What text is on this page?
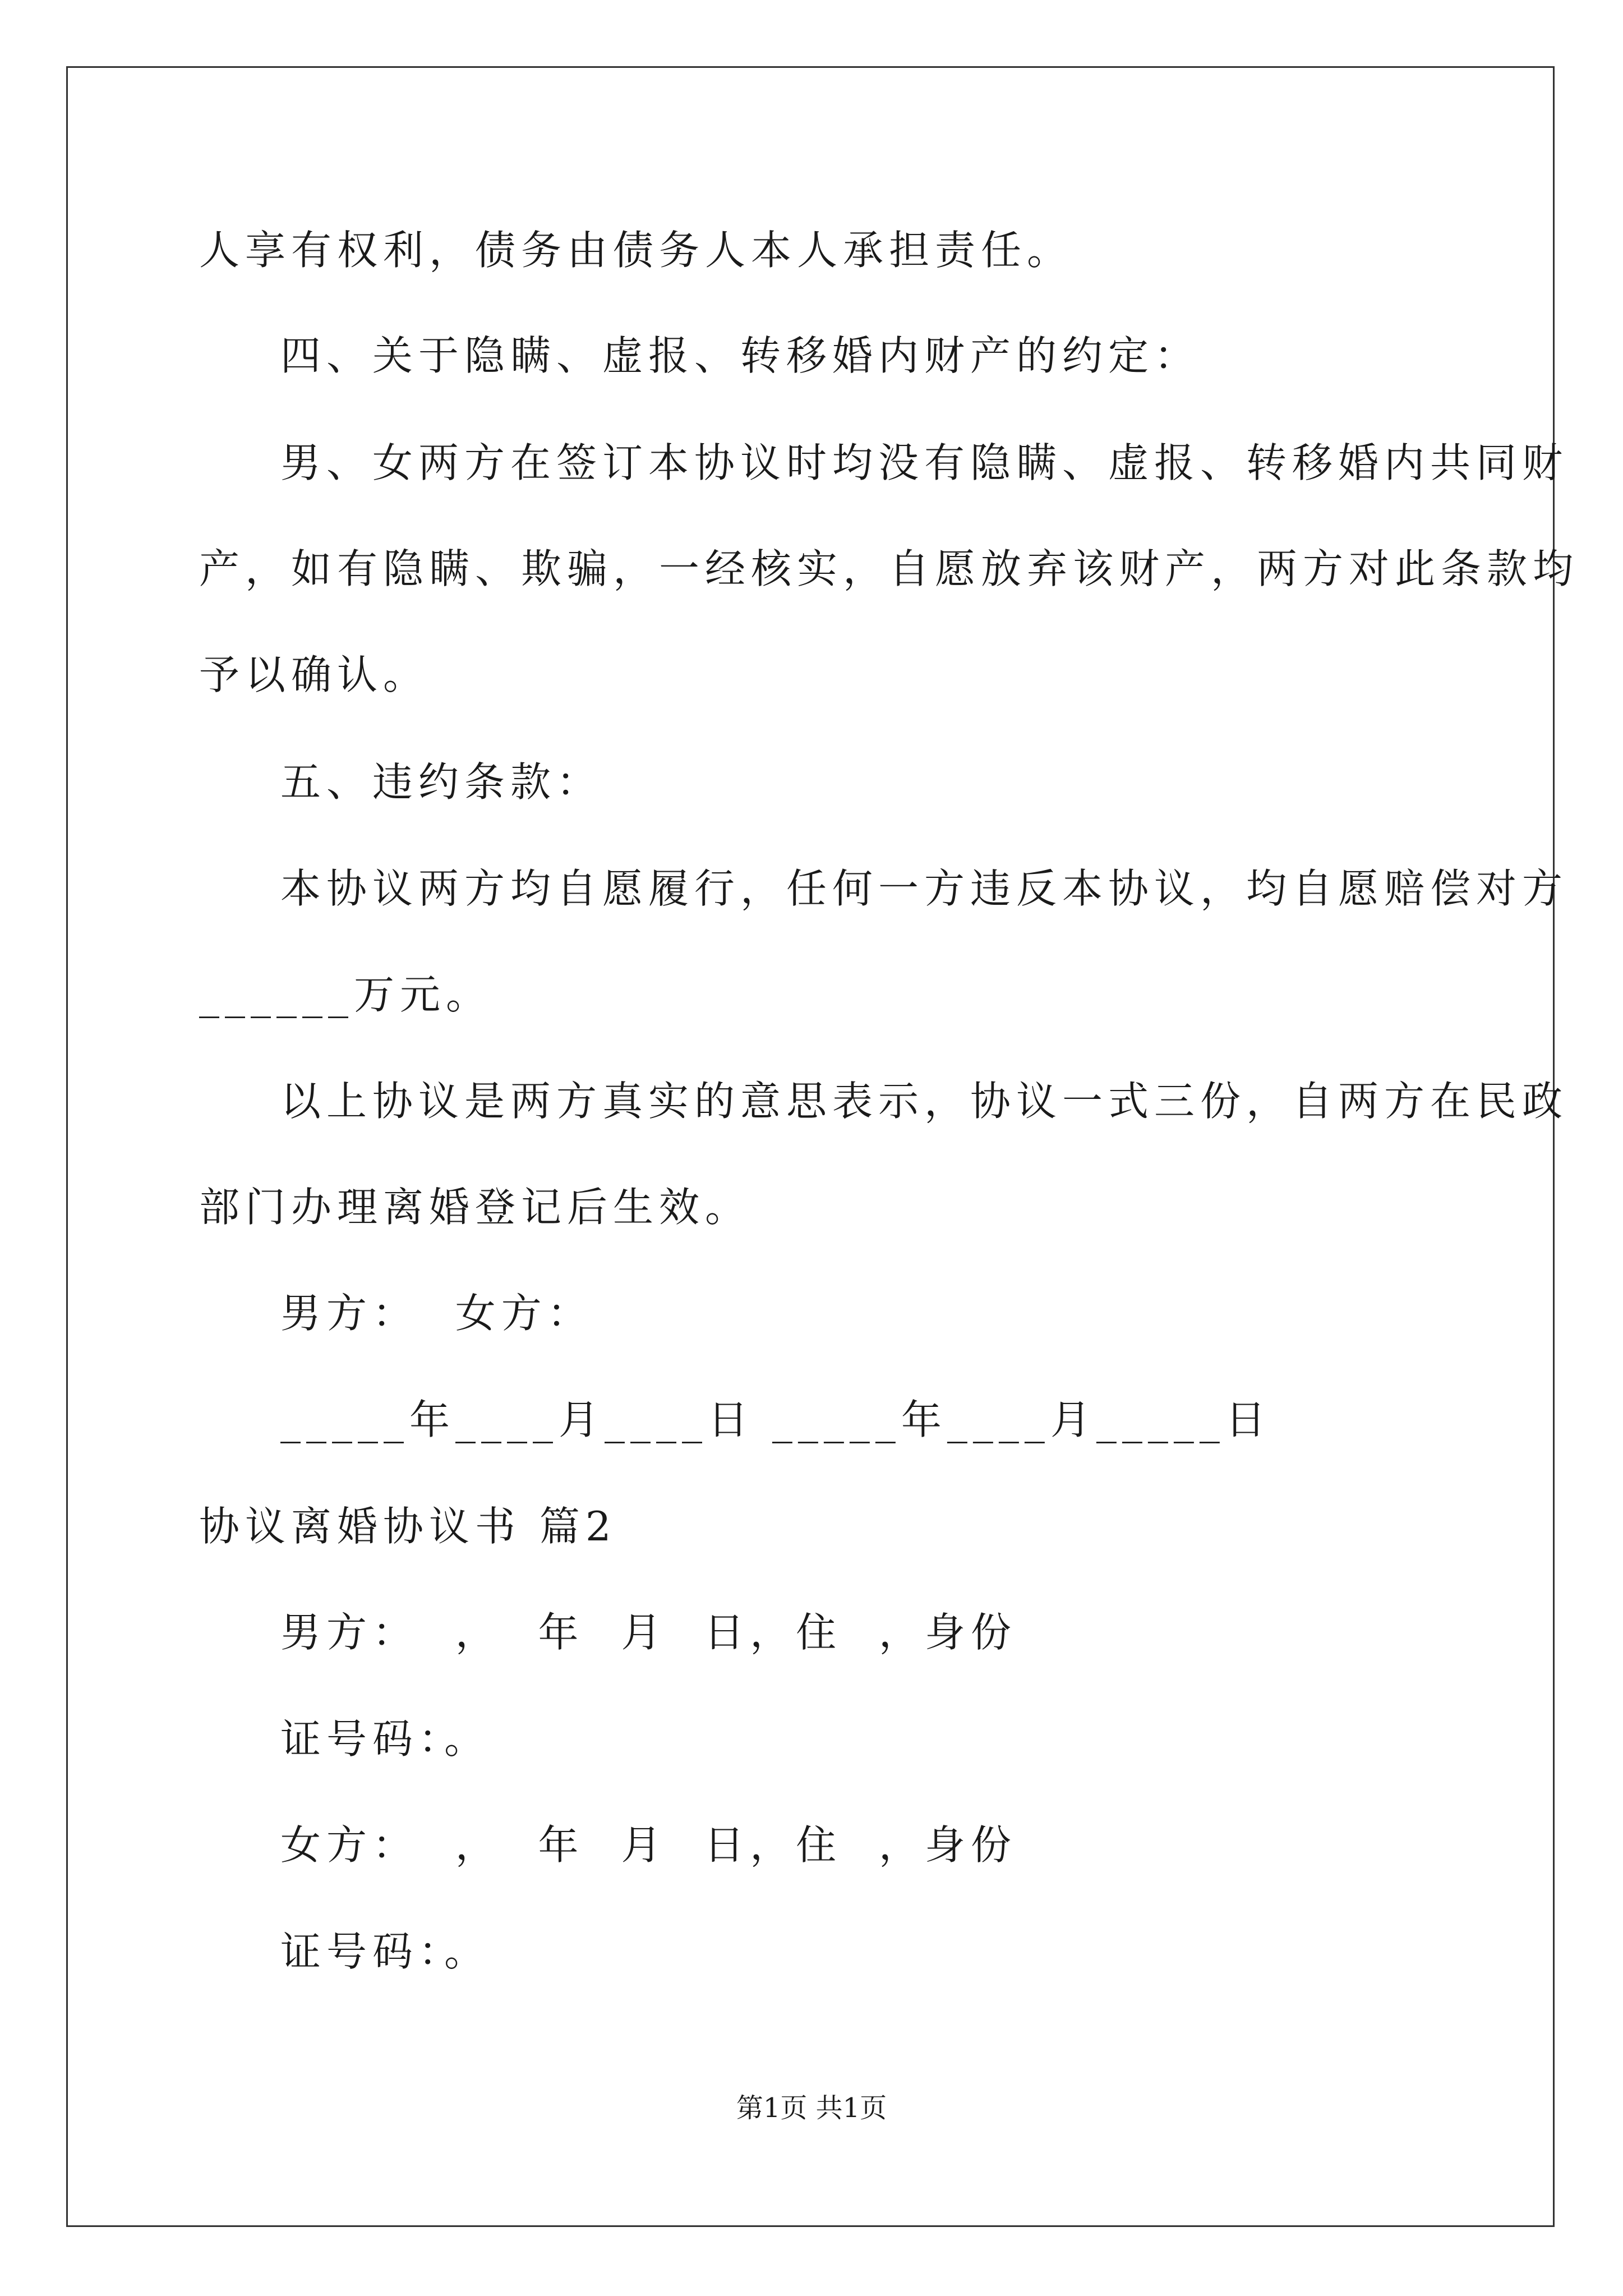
人享有权利，债务由债务人本人承担责任。
四、关于隐瞒、虚报、转移婚内财产的约定：
男、女两方在签订本协议时均没有隐瞒、虚报、转移婚内共同财
产，如有隐瞒、欺骗，一经核实，自愿放弃该财产，两方对此条款均
予以确认。
五、违约条款：
本协议两方均自愿履行，任何一方违反本协议，均自愿赔偿对方
______万元。
以上协议是两方真实的意思表示，协议一式三份，自两方在民政
部门办理离婚登记后生效。
男方：  女方：
_____年____月____日 _____年____月_____日
协议离婚协议书 篇2
男方：  ，  年  月  日，住  ，身份
证号码：。
女方：  ，  年  月  日，住  ，身份
证号码：。
第1页 共1页
